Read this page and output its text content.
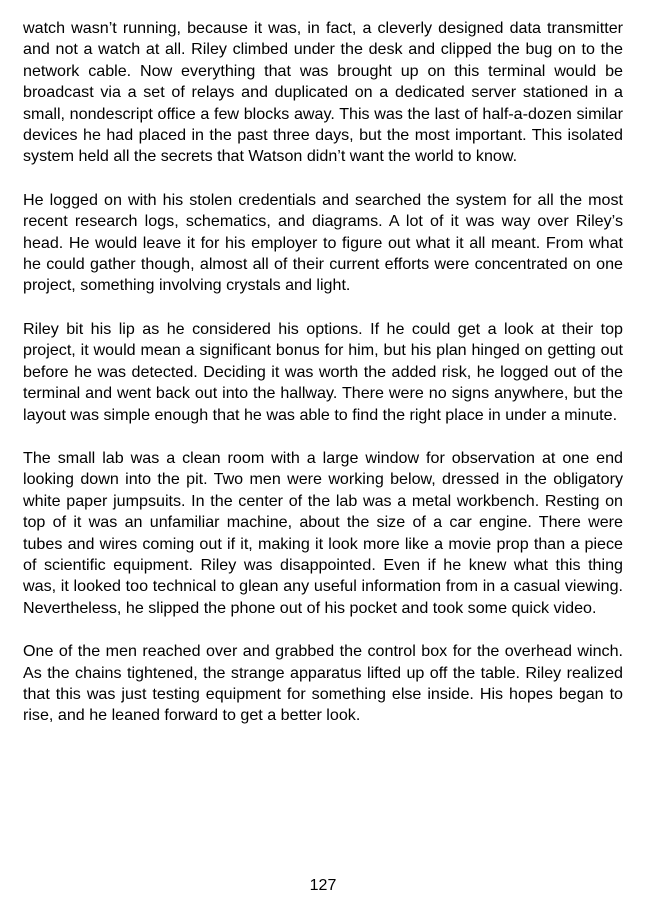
watch wasn’t running, because it was, in fact, a cleverly designed data transmitter and not a watch at all. Riley climbed under the desk and clipped the bug on to the network cable. Now everything that was brought up on this terminal would be broadcast via a set of relays and duplicated on a dedicated server stationed in a small, nondescript office a few blocks away. This was the last of half-a-dozen similar devices he had placed in the past three days, but the most important. This isolated system held all the secrets that Watson didn’t want the world to know.

He logged on with his stolen credentials and searched the system for all the most recent research logs, schematics, and diagrams. A lot of it was way over Riley’s head. He would leave it for his employer to figure out what it all meant. From what he could gather though, almost all of their current efforts were concentrated on one project, something involving crystals and light.

Riley bit his lip as he considered his options. If he could get a look at their top project, it would mean a significant bonus for him, but his plan hinged on getting out before he was detected. Deciding it was worth the added risk, he logged out of the terminal and went back out into the hallway. There were no signs anywhere, but the layout was simple enough that he was able to find the right place in under a minute.

The small lab was a clean room with a large window for observation at one end looking down into the pit. Two men were working below, dressed in the obligatory white paper jumpsuits. In the center of the lab was a metal workbench. Resting on top of it was an unfamiliar machine, about the size of a car engine. There were tubes and wires coming out if it, making it look more like a movie prop than a piece of scientific equipment. Riley was disappointed. Even if he knew what this thing was, it looked too technical to glean any useful information from in a casual viewing. Nevertheless, he slipped the phone out of his pocket and took some quick video.

One of the men reached over and grabbed the control box for the overhead winch. As the chains tightened, the strange apparatus lifted up off the table. Riley realized that this was just testing equipment for something else inside. His hopes began to rise, and he leaned forward to get a better look.

127
